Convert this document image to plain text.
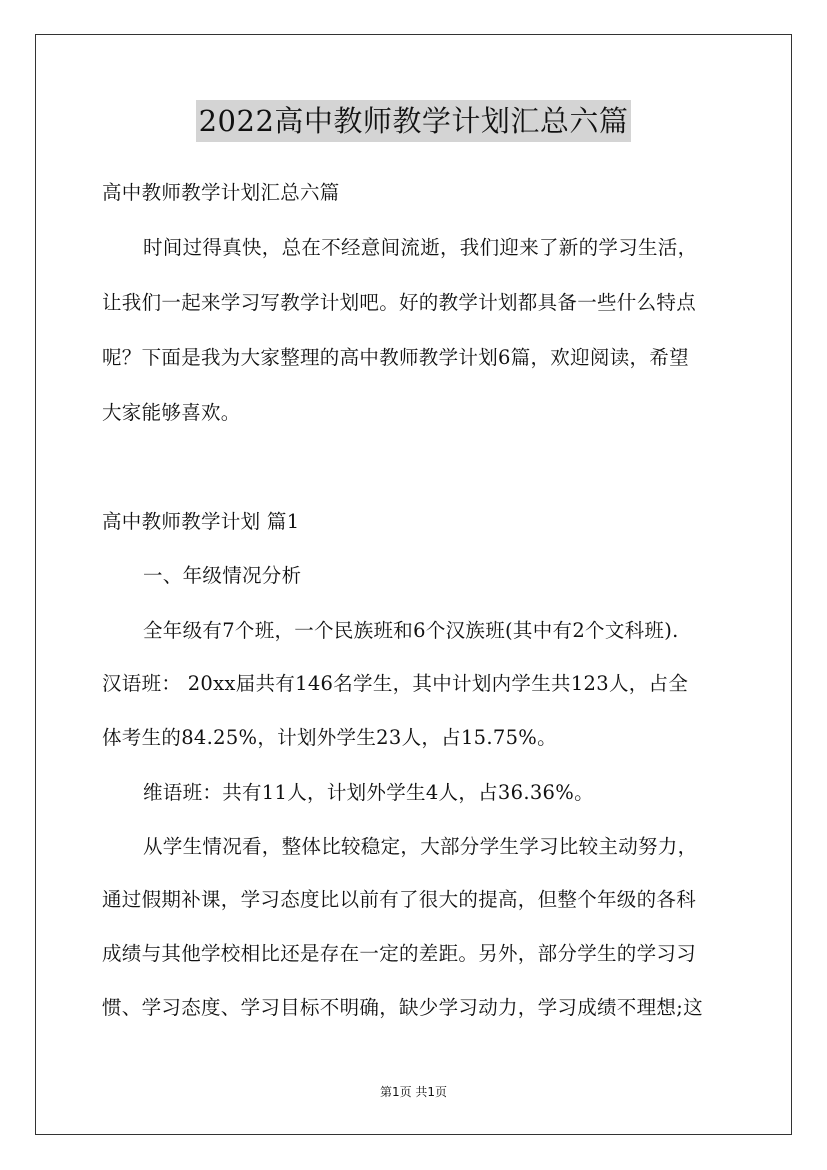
2022高中教师教学计划汇总六篇
高中教师教学计划汇总六篇
时间过得真快，总在不经意间流逝，我们迎来了新的学习生活，
让我们一起来学习写教学计划吧。好的教学计划都具备一些什么特点
呢？下面是我为大家整理的高中教师教学计划6篇，欢迎阅读，希望
大家能够喜欢。
高中教师教学计划 篇1
一、年级情况分析
全年级有7个班，一个民族班和6个汉族班(其中有2个文科班).
汉语班： 20xx届共有146名学生，其中计划内学生共123人，占全
体考生的84.25%，计划外学生23人，占15.75%。
维语班：共有11人，计划外学生4人，占36.36%。
从学生情况看，整体比较稳定，大部分学生学习比较主动努力，
通过假期补课，学习态度比以前有了很大的提高，但整个年级的各科
成绩与其他学校相比还是存在一定的差距。另外，部分学生的学习习
惯、学习态度、学习目标不明确，缺少学习动力，学习成绩不理想;这
第1页 共1页
